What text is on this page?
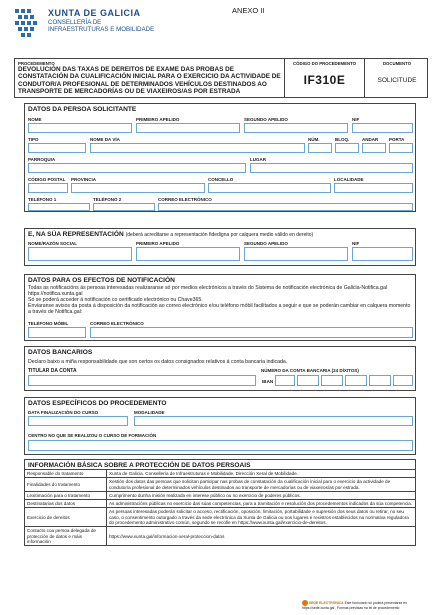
XUNTA DE GALICIA
CONSELLERÍA DE
INFRAESTRUTURAS E MOBILIDADE
ANEXO II
PROCEDEMENTO
DEVOLUCIÓN DAS TAXAS DE DEREITOS DE EXAME DAS PROBAS DE CONSTATACIÓN DA CUALIFICACIÓN INICIAL PARA O EXERCICIO DA ACTIVIDADE DE CONDUTOR/A PROFESIONAL DE DETERMINADOS VEHÍCULOS DESTINADOS AO TRANSPORTE DE MERCADORÍAS OU DE VIAXEIROS/AS POR ESTRADA
CÓDIGO DO PROCEDEMENTO
IF310E
DOCUMENTO
SOLICITUDE
DATOS DA PERSOA SOLICITANTE
NOME	PRIMEIRO APELIDO	SEGUNDO APELIDO	NIF
TIPO	NOME DA VÍA	NÚM.	BLOQ.	ANDAR PORTA
PARROQUIA	LUGAR
CÓDIGO POSTAL PROVINCIA	CONCELLO	LOCALIDADE
TELÉFONO 1	TELÉFONO 2	CORREO ELECTRÓNICO
E, NA SÚA REPRESENTACIÓN (deberá acreditarse a representación fidedigna por calquera medio válido en dereito)
NOME/RAZÓN SOCIAL	PRIMEIRO APELIDO	SEGUNDO APELIDO	NIF
DATOS PARA OS EFECTOS DE NOTIFICACIÓN
Todas as notificacións ás persoas interesadas realizaranse só por medios electrónicos a través do Sistema de notificación electrónica de Galicia-Notifica.gal https://notifica.xunta.gal
Só se poderá acceder á notificación co certificado electrónico ou Chave365.
Enviaranse avisos da posta á disposición da notificación ao correo electrónico e/ou teléfono móbil facilitados a seguir e que se poderán cambiar en calquera momento a través de Notifica.gal:
TELÉFONO MÓBIL	CORREO ELECTRÓNICO
DATOS BANCARIOS
Declaro baixo a miña responsabilidade que son certos os datos consignados relativos á conta bancaria indicada.
TITULAR DA CONTA	NÚMERO DA CONTA BANCARIA (24 DÍXITOS)
IBAN
DATOS ESPECÍFICOS DO PROCEDEMENTO
DATA FINALIZACIÓN DO CURSO	MODALIDADE
CENTRO NO QUE SE REALIZOU O CURSO DE FORMACIÓN
INFORMACIÓN BÁSICA SOBRE A PROTECCIÓN DE DATOS PERSOAIS
Responsable do tratamento	Xunta de Galicia. Consellería de Infraestruturas e Mobilidade. Dirección Xeral de Mobilidade.
Finalidades do tratamento	Xestión dos datos das persoas que solicitan participar nas probas de constatación da cualificación inicial para o exercicio da actividade de condutor/a profesional de determinados vehículos destinados ao transporte de mercadorías ou de viaxeiros/as por estrada.
Lexitimación para o tratamento	Cumprimento dunha misión realizada en interese público ou no exercicio de poderes públicos.
Destinatarias dos datos	As administracións públicas no exercicio das súas competencias, para a tramitación e resolución dos procedementos indicados da súa competencia.
Exercicio de dereitos	As persoas interesadas poderán solicitar o acceso, rectificación, oposición, limitación, portabilidade e supresión dos seus datos ou retirar, no seu caso, o consentimento outorgado a través da sede electrónica da Xunta de Galicia ou nos lugares e rexistros establecidos na normativa reguladora do procedemento administrativo común, segundo se recolle en https://www.xunta.gal/exercicio-de-dereitos.
Contacto coa persoa delegada de protección de datos e máis información	https://www.xunta.gal/informacion-xeral-proteccion-datos
SEDE ELECTRÓNICA Este formulario só poderá presentarse en https://sede.xunta.gal . Formas previstas na lei de procedemento
